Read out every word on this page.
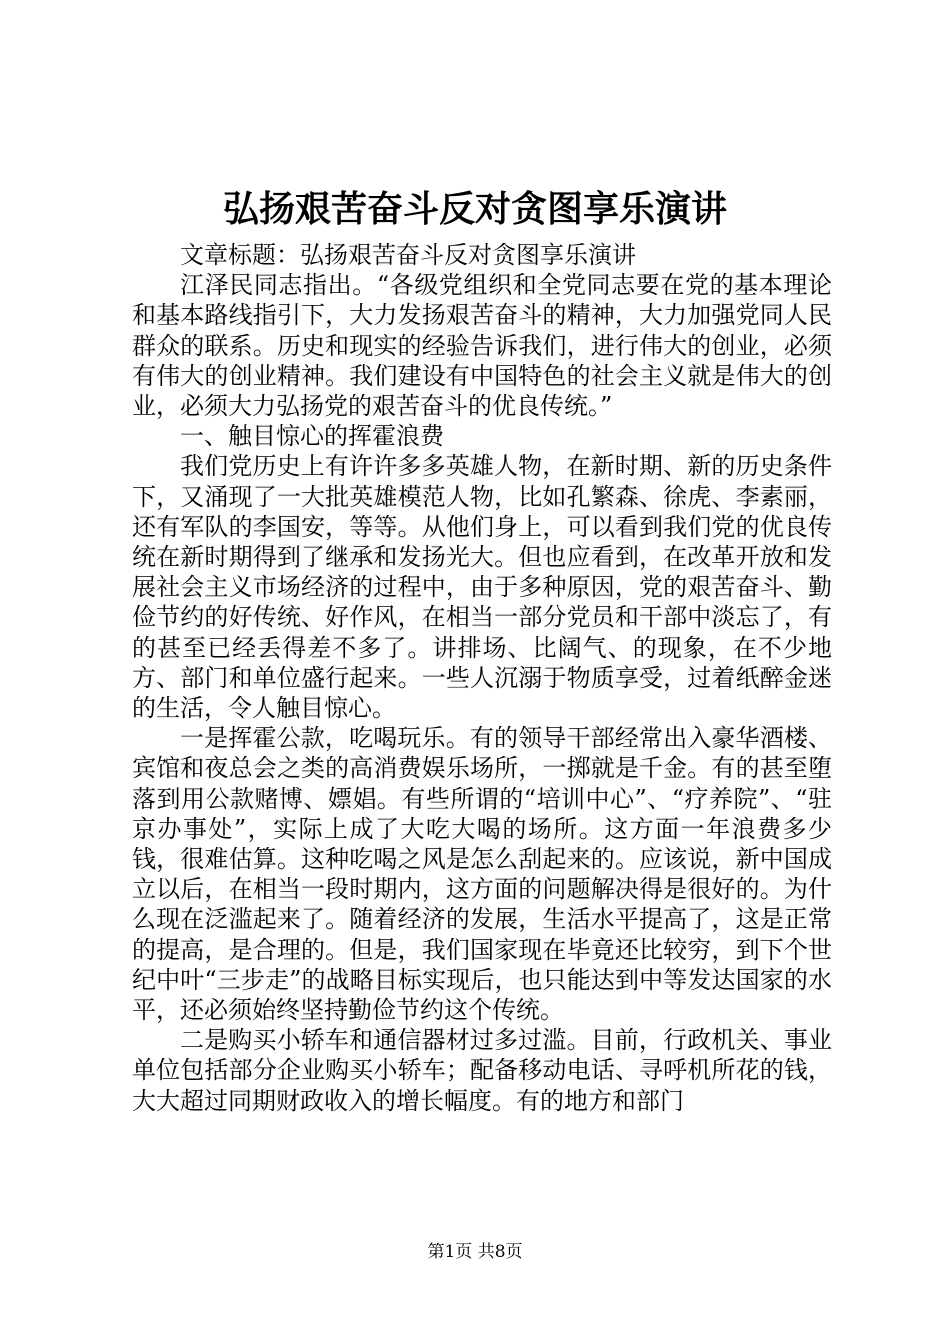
弘扬艰苦奋斗反对贪图享乐演讲

文章标题：弘扬艰苦奋斗反对贪图享乐演讲

江泽民同志指出。“各级党组织和全党同志要在党的基本理论和基本路线指引下，大力发扬艰苦奋斗的精神，大力加强党同人民群众的联系。历史和现实的经验告诉我们，进行伟大的创业，必须有伟大的创业精神。我们建设有中国特色的社会主义就是伟大的创业，必须大力弘扬党的艰苦奋斗的优良传统。”

一、触目惊心的挥霍浪费

我们党历史上有许许多多英雄人物，在新时期、新的历史条件下，又涌现了一大批英雄模范人物，比如孔繁森、徐虎、李素丽，还有军队的李国安，等等。从他们身上，可以看到我们党的优良传统在新时期得到了继承和发扬光大。但也应看到，在改革开放和发展社会主义市场经济的过程中，由于多种原因，党的艰苦奋斗、勤俭节约的好传统、好作风，在相当一部分党员和干部中淡忘了，有的甚至已经丢得差不多了。讲排场、比阔气、的现象，在不少地方、部门和单位盛行起来。一些人沉溺于物质享受，过着纸醉金迷的生活，令人触目惊心。

一是挥霍公款，吃喝玩乐。有的领导干部经常出入豪华酒楼、宾馆和夜总会之类的高消费娱乐场所，一掷就是千金。有的甚至堕落到用公款赌博、嫖娼。有些所谓的“培训中心”、“疗养院”、“驻京办事处”，实际上成了大吃大喝的场所。这方面一年浪费多少钱，很难估算。这种吃喝之风是怎么刮起来的。应该说，新中国成立以后，在相当一段时期内，这方面的问题解决得是很好的。为什么现在泛滥起来了。随着经济的发展，生活水平提高了，这是正常的提高，是合理的。但是，我们国家现在毕竟还比较穷，到下个世纪中叶“三步走”的战略目标实现后，也只能达到中等发达国家的水平，还必须始终坚持勤俭节约这个传统。

二是购买小轿车和通信器材过多过滥。目前，行政机关、事业单位包括部分企业购买小轿车；配备移动电话、寻呼机所花的钱，大大超过同期财政收入的增长幅度。有的地方和部门

第1页 共8页
